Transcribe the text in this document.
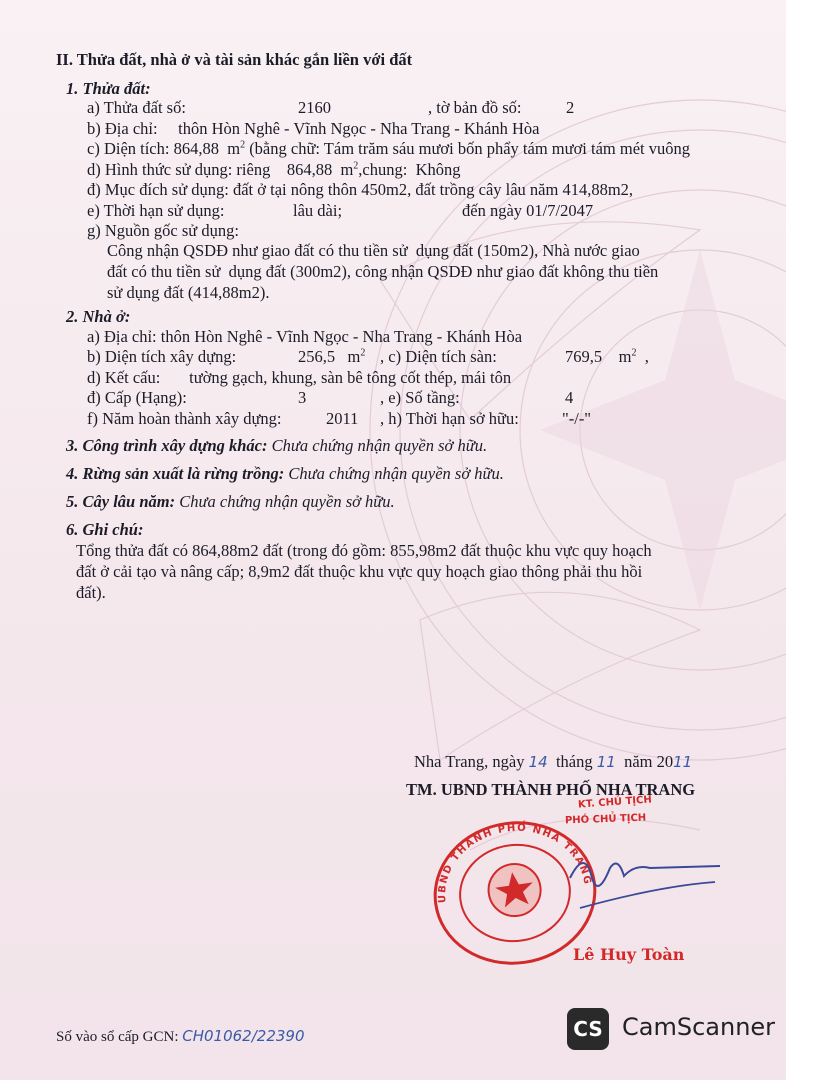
II. Thửa đất, nhà ở và tài sản khác gắn liền với đất
1. Thửa đất:
a) Thửa đất số:	2160	, tờ bản đồ số:	2
b) Địa chỉ:     thôn Hòn Nghê - Vĩnh Ngọc - Nha Trang - Khánh Hòa
c) Diện tích: 864,88  $m^2$ (bằng chữ: Tám trăm sáu mươi bốn phẩy tám mươi tám mét vuông
d) Hình thức sử dụng: riêng    864,88  $m^2,chung$:  Không
đ) Mục đích sử dụng: đất ở tại nông thôn 450m2, đất trồng cây lâu năm 414,88m2,
e) Thời hạn sử dụng:	lâu dài;	đến ngày 01/7/2047
g) Nguồn gốc sử dụng:
Công nhận QSDĐ như giao đất có thu tiền sử  dụng đất (150m2), Nhà nước giao
đất có thu tiền sử  dụng đất (300m2), công nhận QSDĐ như giao đất không thu tiền
sử dụng đất (414,88m2).
2. Nhà ở:
a) Địa chỉ: thôn Hòn Nghê - Vĩnh Ngọc - Nha Trang - Khánh Hòa
b) Diện tích xây dựng:	256,5   $m^2$ , c) Diện tích sàn:	769,5    $m^2$  ,
d) Kết cấu:       tường gạch, khung, sàn bê tông cốt thép, mái tôn
đ) Cấp (Hạng):	3	, e) Số tầng:	4
f) Năm hoàn thành xây dựng:	2011 , h) Thời hạn sở hữu:	"-/-"
3. Công trình xây dựng khác: Chưa chứng nhận quyền sở hữu.
4. Rừng sản xuất là rừng trồng: Chưa chứng nhận quyền sở hữu.
5. Cây lâu năm: Chưa chứng nhận quyền sở hữu.
6. Ghi chú:
Tổng thửa đất có 864,88m2 đất (trong đó gồm: 855,98m2 đất thuộc khu vực quy hoạch
đất ở cải tạo và nâng cấp; 8,9m2 đất thuộc khu vực quy hoạch giao thông phải thu hồi
đất).
Nha Trang, ngày 14 tháng 11 năm 2011
TM. UBND THÀNH PHỐ NHA TRANG
KT. CHỦ TỊCH
PHÓ CHỦ TỊCH
UBND THÀNH PHỐ NHA TRANG
Lê Huy Toàn
Số vào sổ cấp GCN: CH01062/22390	CS CamScanner
